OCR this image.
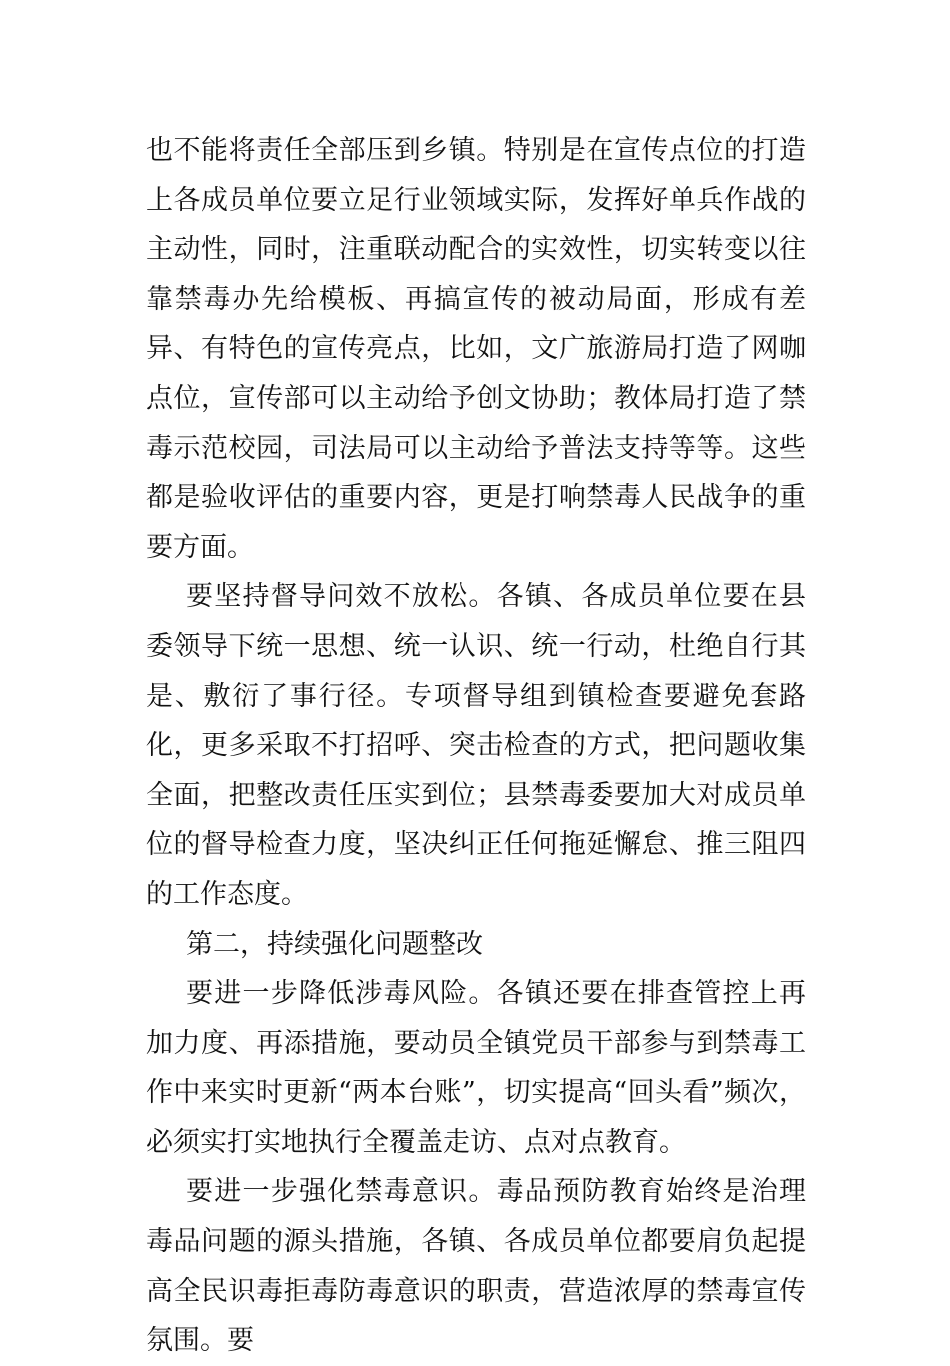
也不能将责任全部压到乡镇。特别是在宣传点位的打造上各成员单位要立足行业领域实际，发挥好单兵作战的主动性，同时，注重联动配合的实效性，切实转变以往靠禁毒办先给模板、再搞宣传的被动局面，形成有差异、有特色的宣传亮点，比如，文广旅游局打造了网咖点位，宣传部可以主动给予创文协助；教体局打造了禁毒示范校园，司法局可以主动给予普法支持等等。这些都是验收评估的重要内容，更是打响禁毒人民战争的重要方面。

要坚持督导问效不放松。各镇、各成员单位要在县委领导下统一思想、统一认识、统一行动，杜绝自行其是、敷衍了事行径。专项督导组到镇检查要避免套路化，更多采取不打招呼、突击检查的方式，把问题收集全面，把整改责任压实到位；县禁毒委要加大对成员单位的督导检查力度，坚决纠正任何拖延懈怠、推三阻四的工作态度。

第二，持续强化问题整改

要进一步降低涉毒风险。各镇还要在排查管控上再加力度、再添措施，要动员全镇党员干部参与到禁毒工作中来实时更新“两本台账”，切实提高“回头看”频次，必须实打实地执行全覆盖走访、点对点教育。

要进一步强化禁毒意识。毒品预防教育始终是治理毒品问题的源头措施，各镇、各成员单位都要肩负起提高全民识毒拒毒防毒意识的职责，营造浓厚的禁毒宣传氛围。要
